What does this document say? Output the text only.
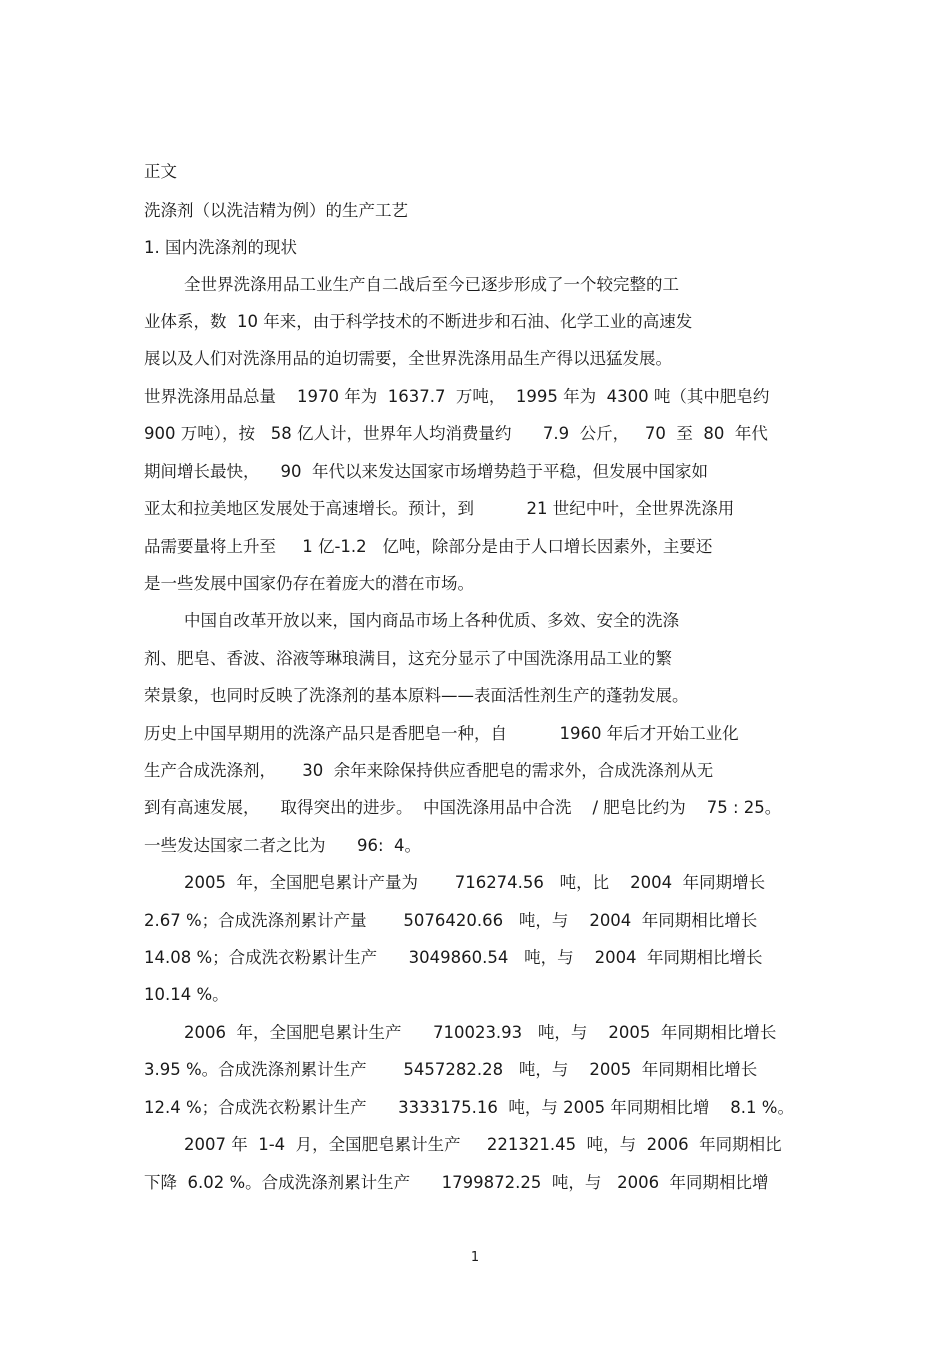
正文

洗涤剂（以洗洁精为例）的生产工艺

1. 国内洗涤剂的现状

全世界洗涤用品工业生产自二战后至今已逐步形成了一个较完整的工

业体系，数  10 年来，由于科学技术的不断进步和石油、化学工业的高速发

展以及人们对洗涤用品的迫切需要，全世界洗涤用品生产得以迅猛发展。

世界洗涤用品总量    1970 年为  1637.7  万吨，  1995 年为  4300 吨（其中肥皂约

900 万吨），按   58 亿人计，世界年人均消费量约      7.9  公斤，   70  至  80  年代

期间增长最快，    90  年代以来发达国家市场增势趋于平稳，但发展中国家如

亚太和拉美地区发展处于高速增长。预计，到          21 世纪中叶，全世界洗涤用

品需要量将上升至     1 亿-1.2   亿吨，除部分是由于人口增长因素外，主要还

是一些发展中国家仍存在着庞大的潜在市场。

中国自改革开放以来，国内商品市场上各种优质、多效、安全的洗涤

剂、肥皂、香波、浴液等琳琅满目，这充分显示了中国洗涤用品工业的繁

荣景象，也同时反映了洗涤剂的基本原料——表面活性剂生产的蓬勃发展。

历史上中国早期用的洗涤产品只是香肥皂一种，自          1960 年后才开始工业化

生产合成洗涤剂，     30  余年来除保持供应香肥皂的需求外，合成洗涤剂从无

到有高速发展，    取得突出的进步。  中国洗涤用品中合洗    / 肥皂比约为    75 : 25。

一些发达国家二者之比为      96:  4。

2005  年，全国肥皂累计产量为       716274.56   吨，比    2004  年同期增长

2.67 %；合成洗涤剂累计产量       5076420.66   吨，与    2004  年同期相比增长

14.08 %；合成洗衣粉累计生产      3049860.54   吨，与    2004  年同期相比增长

10.14 %。

2006  年，全国肥皂累计生产      710023.93   吨，与    2005  年同期相比增长

3.95 %。合成洗涤剂累计生产       5457282.28   吨，与    2005  年同期相比增长

12.4 %；合成洗衣粉累计生产      3333175.16  吨，与 2005 年同期相比增    8.1 %。

2007 年  1-4  月，全国肥皂累计生产     221321.45  吨，与  2006  年同期相比

下降  6.02 %。合成洗涤剂累计生产      1799872.25  吨，与   2006  年同期相比增

1
